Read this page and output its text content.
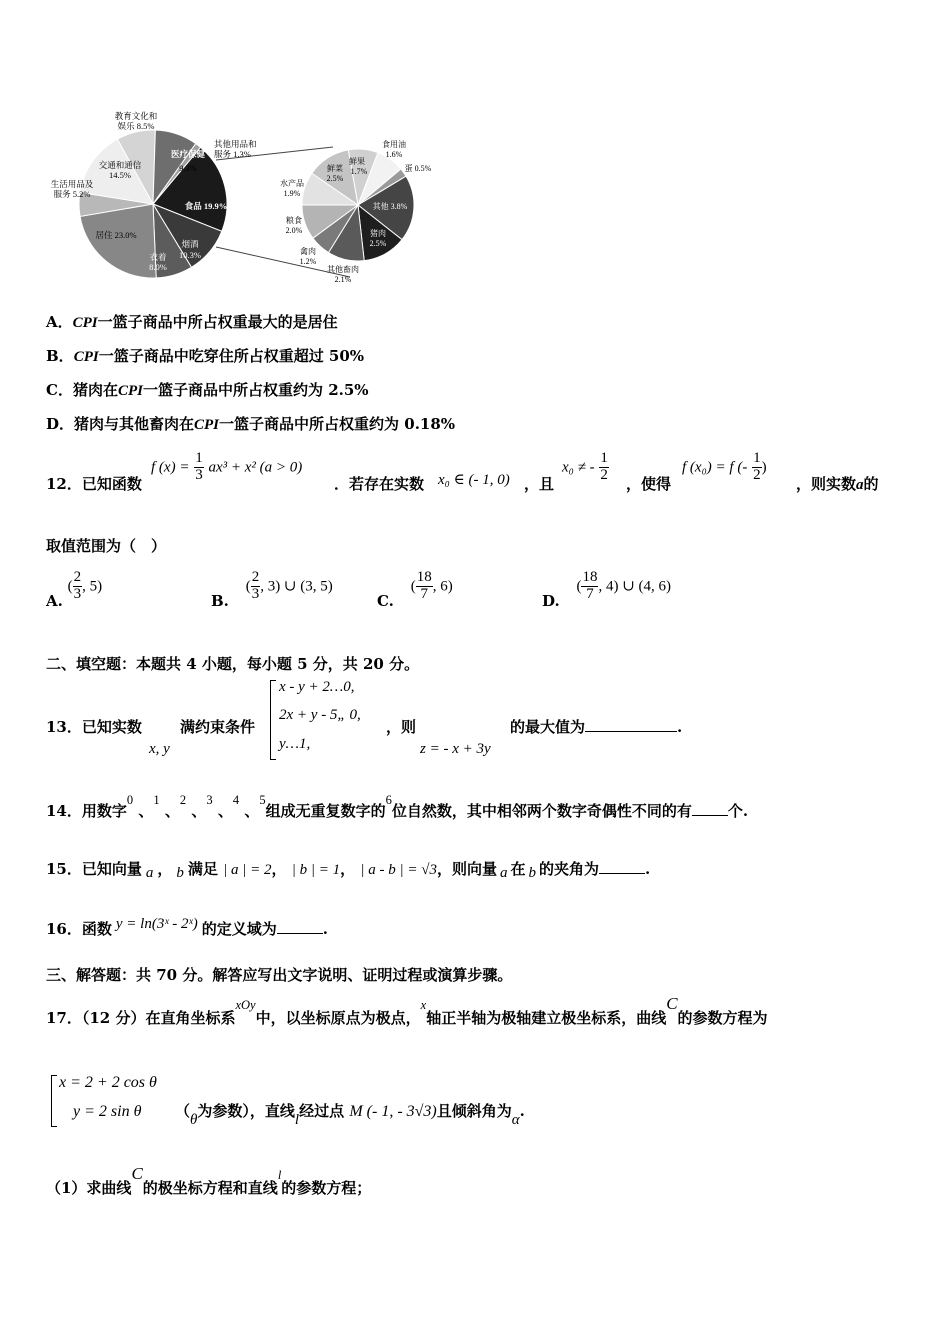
教育文化和
娱乐 8.5%
其他用品和
服务 1.3%
医疗保健
9.3%
交通和通信
14.5%
生活用品及
服务 5.2%
食品 19.9%
居住 23.0%
烟酒
10.3%
衣着
8.0%
食用油
1.6%
鲜果
1.7%
鲜菜
2.5%
蛋 0.5%
水产品
1.9%
其他 3.8%
粮食
2.0%	猪肉
2.5%
禽肉
1.2%
其他畜肉
2.1%
A．CPI一篮子商品中所占权重最大的是居住
B．CPI一篮子商品中吃穿住所占权重超过 50%
C．猪肉在CPI一篮子商品中所占权重约为 2.5%
D．猪肉与其他畜肉在CPI一篮子商品中所占权重约为 0.18%
12．已知函数
f $(x) = \frac{1}{3} ax^3 + x^2$ (a > 0)
．若存在实数 x₀ ∈ (- 1, 0) ，且
x₀ ≠ - $\frac{1}{2}$
，使得
f (x₀) = f (- $\frac{1}{2}$ )
，则实数a的
取值范围为（　）
A. ( $\frac{2}{3}$ , 5)
B. ( $\frac{2}{3}$ , 3) ∪ (3, 5)
C. ( $\frac{18}{7}$ , 6)
D. ( $\frac{18}{7}$ , 4) ∪ (4, 6)
二、填空题：本题共 4 小题，每小题 5 分，共 20 分。
13．已知实数
x, y
满约束条件
x - y + 2…0,
2x + y - 5„ 0,
y…1,
，则
z = - x + 3y
的最大值为	.
14．用数字$^0$ 、$^1$ 、$^2$ 、$^3$ 、$^4$ 、$^5$组成无重复数字的$^6$位自然数，其中相邻两个数字奇偶性不同的有 个.
15．已知向量 a ， b 满足 | a | = 2， | b | = 1， | a - b | = √3，则向量 a 在 b 的夹角为	.
16．函数 y = ln(3ˣ - 2ˣ) 的定义域为	.
三、解答题：共 70 分。解答应写出文字说明、证明过程或演算步骤。
17．（12 分）在直角坐标系$^{xOy}$中，以坐标原点为极点，$^x$轴正半轴为极轴建立极坐标系，曲线$^C$的参数方程为
x = 2 + 2 cos θ
y = 2 sin θ （θ为参数），直线l经过点 M (- 1, - 3√3)且倾斜角为α.
（1）求曲线$^C$的极坐标方程和直线$^l$的参数方程；
